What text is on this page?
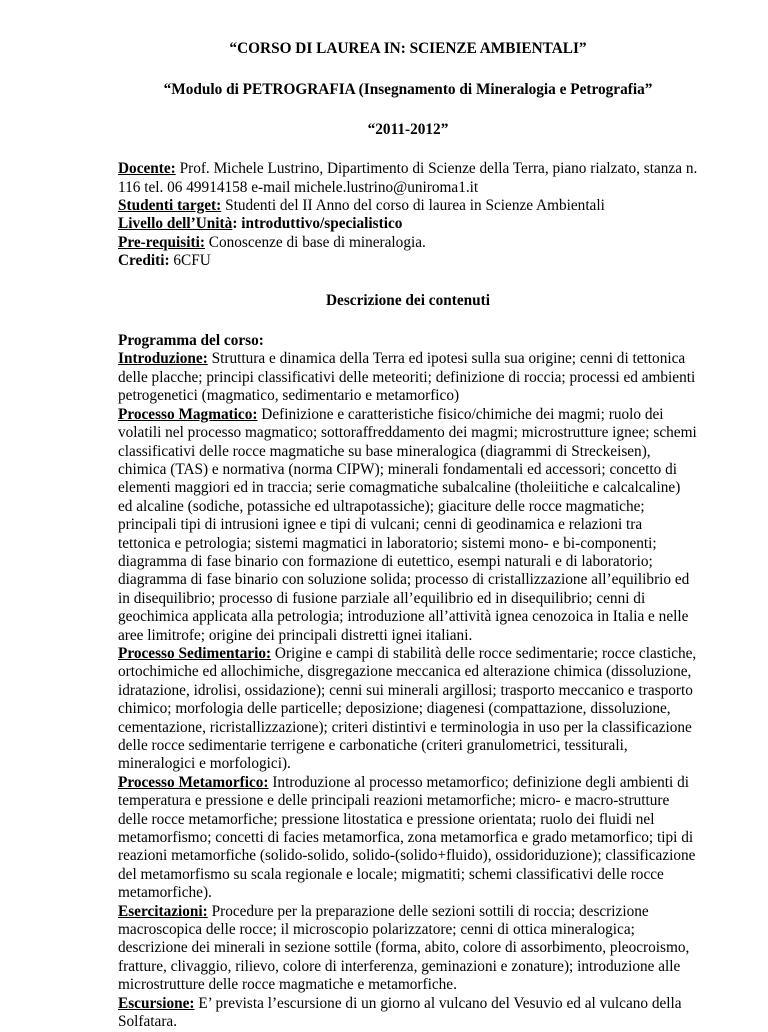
“CORSO DI LAUREA IN: SCIENZE AMBIENTALI”
“Modulo di PETROGRAFIA (Insegnamento di Mineralogia e Petrografia”
“2011-2012”

Docente: Prof. Michele Lustrino, Dipartimento di Scienze della Terra, piano rialzato, stanza n. 116 tel. 06 49914158 e-mail michele.lustrino@uniroma1.it

Studenti target: Studenti del II Anno del corso di laurea in Scienze Ambientali

Livello dell’Unità: introduttivo/specialistico

Pre-requisiti: Conoscenze di base di mineralogia.

Crediti: 6CFU

Descrizione dei contenuti

Programma del corso:

Introduzione: Struttura e dinamica della Terra ed ipotesi sulla sua origine; cenni di tettonica delle placche; principi classificativi delle meteoriti; definizione di roccia; processi ed ambienti petrogenetici (magmatico, sedimentario e metamorfico)

Processo Magmatico: Definizione e caratteristiche fisico/chimiche dei magmi; ruolo dei volatili nel processo magmatico; sottoraffreddamento dei magmi; microstrutture ignee; schemi classificativi delle rocce magmatiche su base mineralogica (diagrammi di Streckeisen), chimica (TAS) e normativa (norma CIPW); minerali fondamentali ed accessori; concetto di elementi maggiori ed in traccia; serie comagmatiche subalcaline (tholeiitiche e calcalcaline) ed alcaline (sodiche, potassiche ed ultrapotassiche); giaciture delle rocce magmatiche; principali tipi di intrusioni ignee e tipi di vulcani; cenni di geodinamica e relazioni tra tettonica e petrologia; sistemi magmatici in laboratorio; sistemi mono- e bi-componenti; diagramma di fase binario con formazione di eutettico, esempi naturali e di laboratorio; diagramma di fase binario con soluzione solida; processo di cristallizzazione all’equilibrio ed in disequilibrio; processo di fusione parziale all’equilibrio ed in disequilibrio; cenni di geochimica applicata alla petrologia; introduzione all’attività ignea cenozoica in Italia e nelle aree limitrofe; origine dei principali distretti ignei italiani.

Processo Sedimentario: Origine e campi di stabilità delle rocce sedimentarie; rocce clastiche, ortochimiche ed allochimiche, disgregazione meccanica ed alterazione chimica (dissoluzione, idratazione, idrolisi, ossidazione); cenni sui minerali argillosi; trasporto meccanico e trasporto chimico; morfologia delle particelle; deposizione; diagenesi (compattazione, dissoluzione, cementazione, ricristallizzazione); criteri distintivi e terminologia in uso per la classificazione delle rocce sedimentarie terrigene e carbonatiche (criteri granulometrici, tessiturali, mineralogici e morfologici).

Processo Metamorfico: Introduzione al processo metamorfico; definizione degli ambienti di temperatura e pressione e delle principali reazioni metamorfiche; micro- e macro-strutture delle rocce metamorfiche; pressione litostatica e pressione orientata; ruolo dei fluidi nel metamorfismo; concetti di facies metamorfica, zona metamorfica e grado metamorfico; tipi di reazioni metamorfiche (solido-solido, solido-(solido+fluido), ossidoriduzione); classificazione del metamorfismo su scala regionale e locale; migmatiti; schemi classificativi delle rocce metamorfiche).

Esercitazioni: Procedure per la preparazione delle sezioni sottili di roccia; descrizione macroscopica delle rocce; il microscopio polarizzatore; cenni di ottica mineralogica; descrizione dei minerali in sezione sottile (forma, abito, colore di assorbimento, pleocroismo, fratture, clivaggio, rilievo, colore di interferenza, geminazioni e zonature); introduzione alle microstrutture delle rocce magmatiche e metamorfiche.

Escursione: E’ prevista l’escursione di un giorno al vulcano del Vesuvio ed al vulcano della Solfatara.
